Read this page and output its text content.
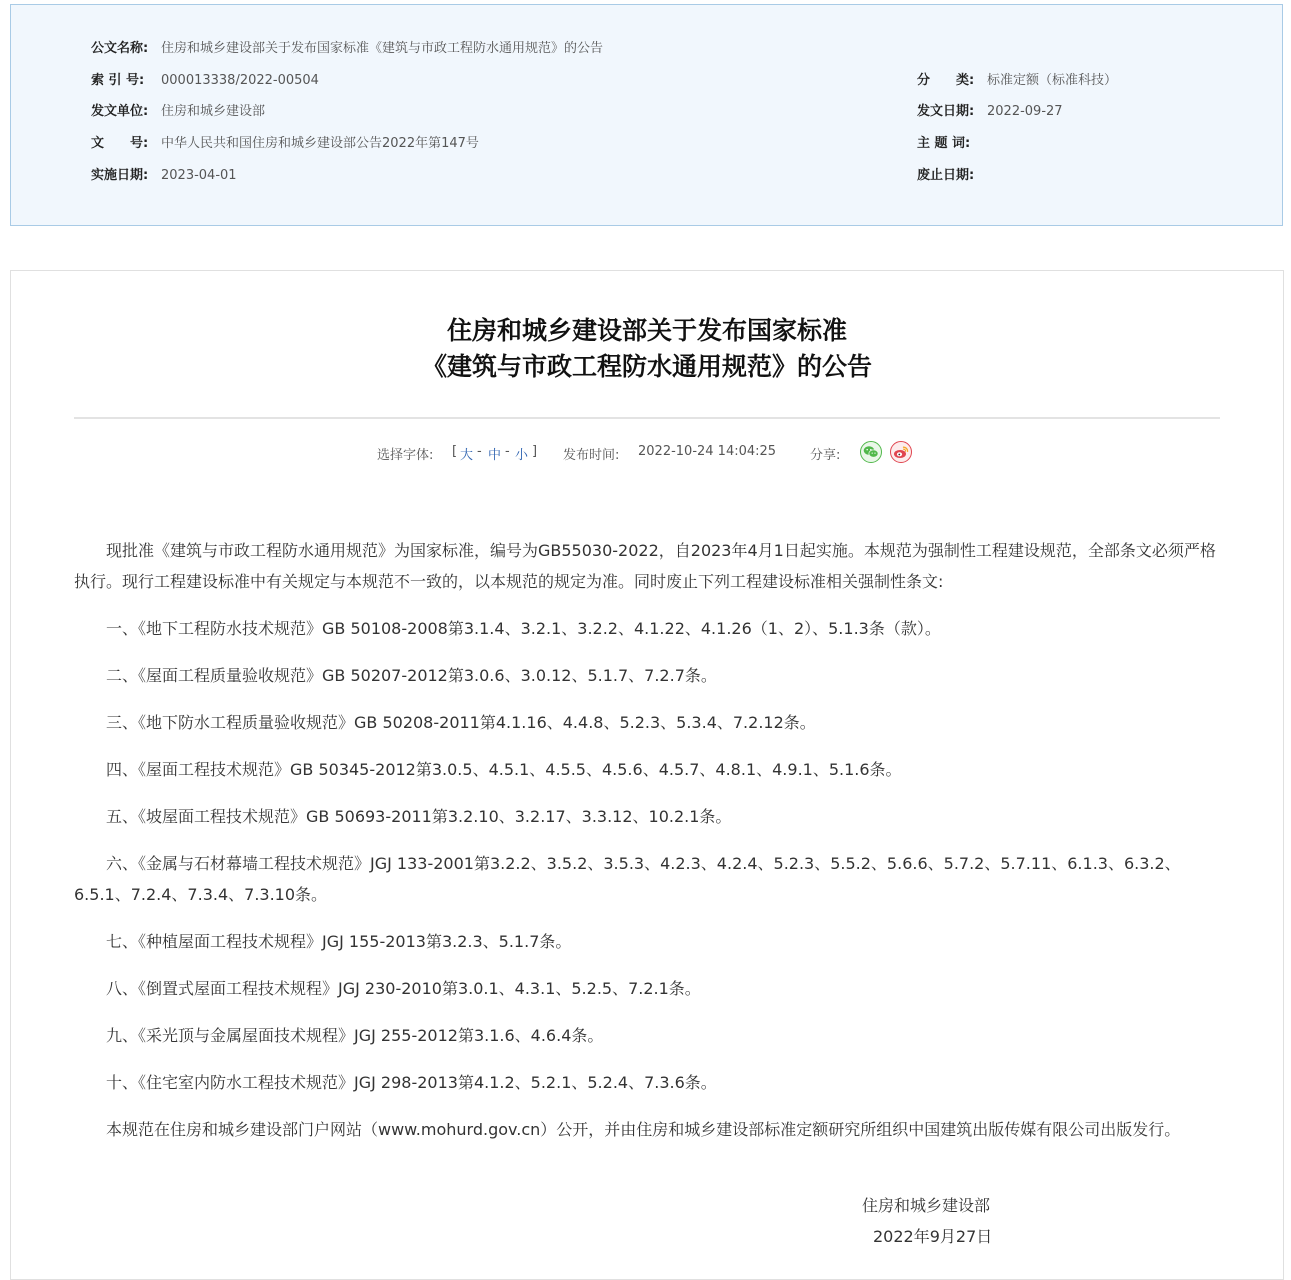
公文名称: 住房和城乡建设部关于发布国家标准《建筑与市政工程防水通用规范》的公告
索 引 号: 000013338/2022-00504	分　　类: 标准定额（标准科技）
发文单位: 住房和城乡建设部	发文日期: 2022-09-27
文　　号: 中华人民共和国住房和城乡建设部公告2022年第147号	主 题 词:
实施日期: 2023-04-01	废止日期:
住房和城乡建设部关于发布国家标准
《建筑与市政工程防水通用规范》的公告
选择字体: [ 大 - 中 - 小 ] 发布时间: 2022-10-24 14:04:25	分享:

现批准《建筑与市政工程防水通用规范》为国家标准，编号为GB55030-2022，自2023年4月1日起实施。本规范为强制性工程建设规范，全部条文必须严格执行。现行工程建设标准中有关规定与本规范不一致的，以本规范的规定为准。同时废止下列工程建设标准相关强制性条文:

一、《地下工程防水技术规范》GB 50108-2008第3.1.4、3.2.1、3.2.2、4.1.22、4.1.26（1、2）、5.1.3条（款）。

二、《屋面工程质量验收规范》GB 50207-2012第3.0.6、3.0.12、5.1.7、7.2.7条。

三、《地下防水工程质量验收规范》GB 50208-2011第4.1.16、4.4.8、5.2.3、5.3.4、7.2.12条。

四、《屋面工程技术规范》GB 50345-2012第3.0.5、4.5.1、4.5.5、4.5.6、4.5.7、4.8.1、4.9.1、5.1.6条。

五、《坡屋面工程技术规范》GB 50693-2011第3.2.10、3.2.17、3.3.12、10.2.1条。

六、《金属与石材幕墙工程技术规范》JGJ 133-2001第3.2.2、3.5.2、3.5.3、4.2.3、4.2.4、5.2.3、5.5.2、5.6.6、5.7.2、5.7.11、6.1.3、6.3.2、6.5.1、7.2.4、7.3.4、7.3.10条。

七、《种植屋面工程技术规程》JGJ 155-2013第3.2.3、5.1.7条。

八、《倒置式屋面工程技术规程》JGJ 230-2010第3.0.1、4.3.1、5.2.5、7.2.1条。

九、《采光顶与金属屋面技术规程》JGJ 255-2012第3.1.6、4.6.4条。

十、《住宅室内防水工程技术规范》JGJ 298-2013第4.1.2、5.2.1、5.2.4、7.3.6条。

本规范在住房和城乡建设部门户网站（www.mohurd.gov.cn）公开，并由住房和城乡建设部标准定额研究所组织中国建筑出版传媒有限公司出版发行。

住房和城乡建设部
2022年9月27日
